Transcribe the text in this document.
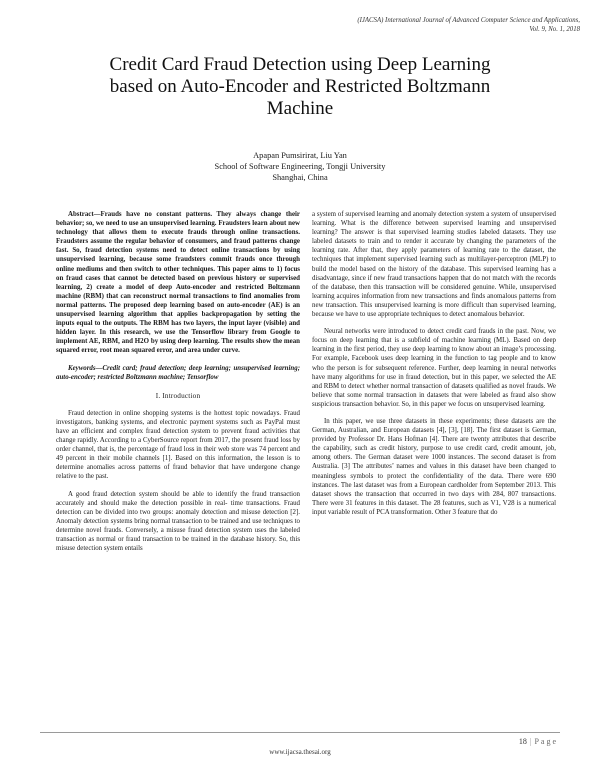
(IJACSA) International Journal of Advanced Computer Science and Applications,
Vol. 9, No. 1, 2018
Credit Card Fraud Detection using Deep Learning
based on Auto-Encoder and Restricted Boltzmann
Machine
Apapan Pumsirirat, Liu Yan
School of Software Engineering, Tongji University
Shanghai, China

Abstract—Frauds have no constant patterns. They always change their behavior; so, we need to use an unsupervised learning. Fraudsters learn about new technology that allows them to execute frauds through online transactions. Fraudsters assume the regular behavior of consumers, and fraud patterns change fast. So, fraud detection systems need to detect online transactions by using unsupervised learning, because some fraudsters commit frauds once through online mediums and then switch to other techniques. This paper aims to 1) focus on fraud cases that cannot be detected based on previous history or supervised learning, 2) create a model of deep Auto-encoder and restricted Boltzmann machine (RBM) that can reconstruct normal transactions to find anomalies from normal patterns. The proposed deep learning based on auto-encoder (AE) is an unsupervised learning algorithm that applies backpropagation by setting the inputs equal to the outputs. The RBM has two layers, the input layer (visible) and hidden layer. In this research, we use the Tensorflow library from Google to implement AE, RBM, and H2O by using deep learning. The results show the mean squared error, root mean squared error, and area under curve.

Keywords—Credit card; fraud detection; deep learning; unsupervised learning; auto-encoder; restricted Boltzmann machine; Tensorflow

I. Introduction

Fraud detection in online shopping systems is the hottest topic nowadays. Fraud investigators, banking systems, and electronic payment systems such as PayPal must have an efficient and complex fraud detection system to prevent fraud activities that change rapidly. According to a CyberSource report from 2017, the present fraud loss by order channel, that is, the percentage of fraud loss in their web store was 74 percent and 49 percent in their mobile channels [1]. Based on this information, the lesson is to determine anomalies across patterns of fraud behavior that have undergone change relative to the past.

A good fraud detection system should be able to identify the fraud transaction accurately and should make the detection possible in real- time transactions. Fraud detection can be divided into two groups: anomaly detection and misuse detection [2]. Anomaly detection systems bring normal transaction to be trained and use techniques to determine novel frauds. Conversely, a misuse fraud detection system uses the labeled transaction as normal or fraud transaction to be trained in the database history. So, this misuse detection system entails

a system of supervised learning and anomaly detection system a system of unsupervised learning. What is the difference between supervised learning and unsupervised learning? The answer is that supervised learning studies labeled datasets. They use labeled datasets to train and to render it accurate by changing the parameters of the learning rate. After that, they apply parameters of learning rate to the dataset, the techniques that implement supervised learning such as multilayer-perceptron (MLP) to build the model based on the history of the database. This supervised learning has a disadvantage, since if new fraud transactions happen that do not match with the records of the database, then this transaction will be considered genuine. While, unsupervised learning acquires information from new transactions and finds anomalous patterns from new transaction. This unsupervised learning is more difficult than supervised learning, because we have to use appropriate techniques to detect anomalous behavior.

Neural networks were introduced to detect credit card frauds in the past. Now, we focus on deep learning that is a subfield of machine learning (ML). Based on deep learning in the first period, they use deep learning to know about an image’s processing. For example, Facebook uses deep learning in the function to tag people and to know who the person is for subsequent reference. Further, deep learning in neural networks have many algorithms for use in fraud detection, but in this paper, we selected the AE and RBM to detect whether normal transaction of datasets qualified as novel frauds. We believe that some normal transaction in datasets that were labeled as fraud also show suspicious transaction behavior. So, in this paper we focus on unsupervised learning.

In this paper, we use three datasets in these experiments; these datasets are the German, Australian, and European datasets [4], [3], [18]. The first dataset is German, provided by Professor Dr. Hans Hofman [4]. There are twenty attributes that describe the capability, such as credit history, purpose to use credit card, credit amount, job, among others. The German dataset were 1000 instances. The second dataset is from Australia. [3] The attributes’ names and values in this dataset have been changed to meaningless symbols to protect the confidentiality of the data. There were 690 instances. The last dataset was from a European cardholder from September 2013. This dataset shows the transaction that occurred in two days with 284, 807 transactions. There were 31 features in this dataset. The 28 features, such as V1, V28 is a numerical input variable result of PCA transformation. Other 3 feature that do

18 | Page
www.ijacsa.thesai.org
